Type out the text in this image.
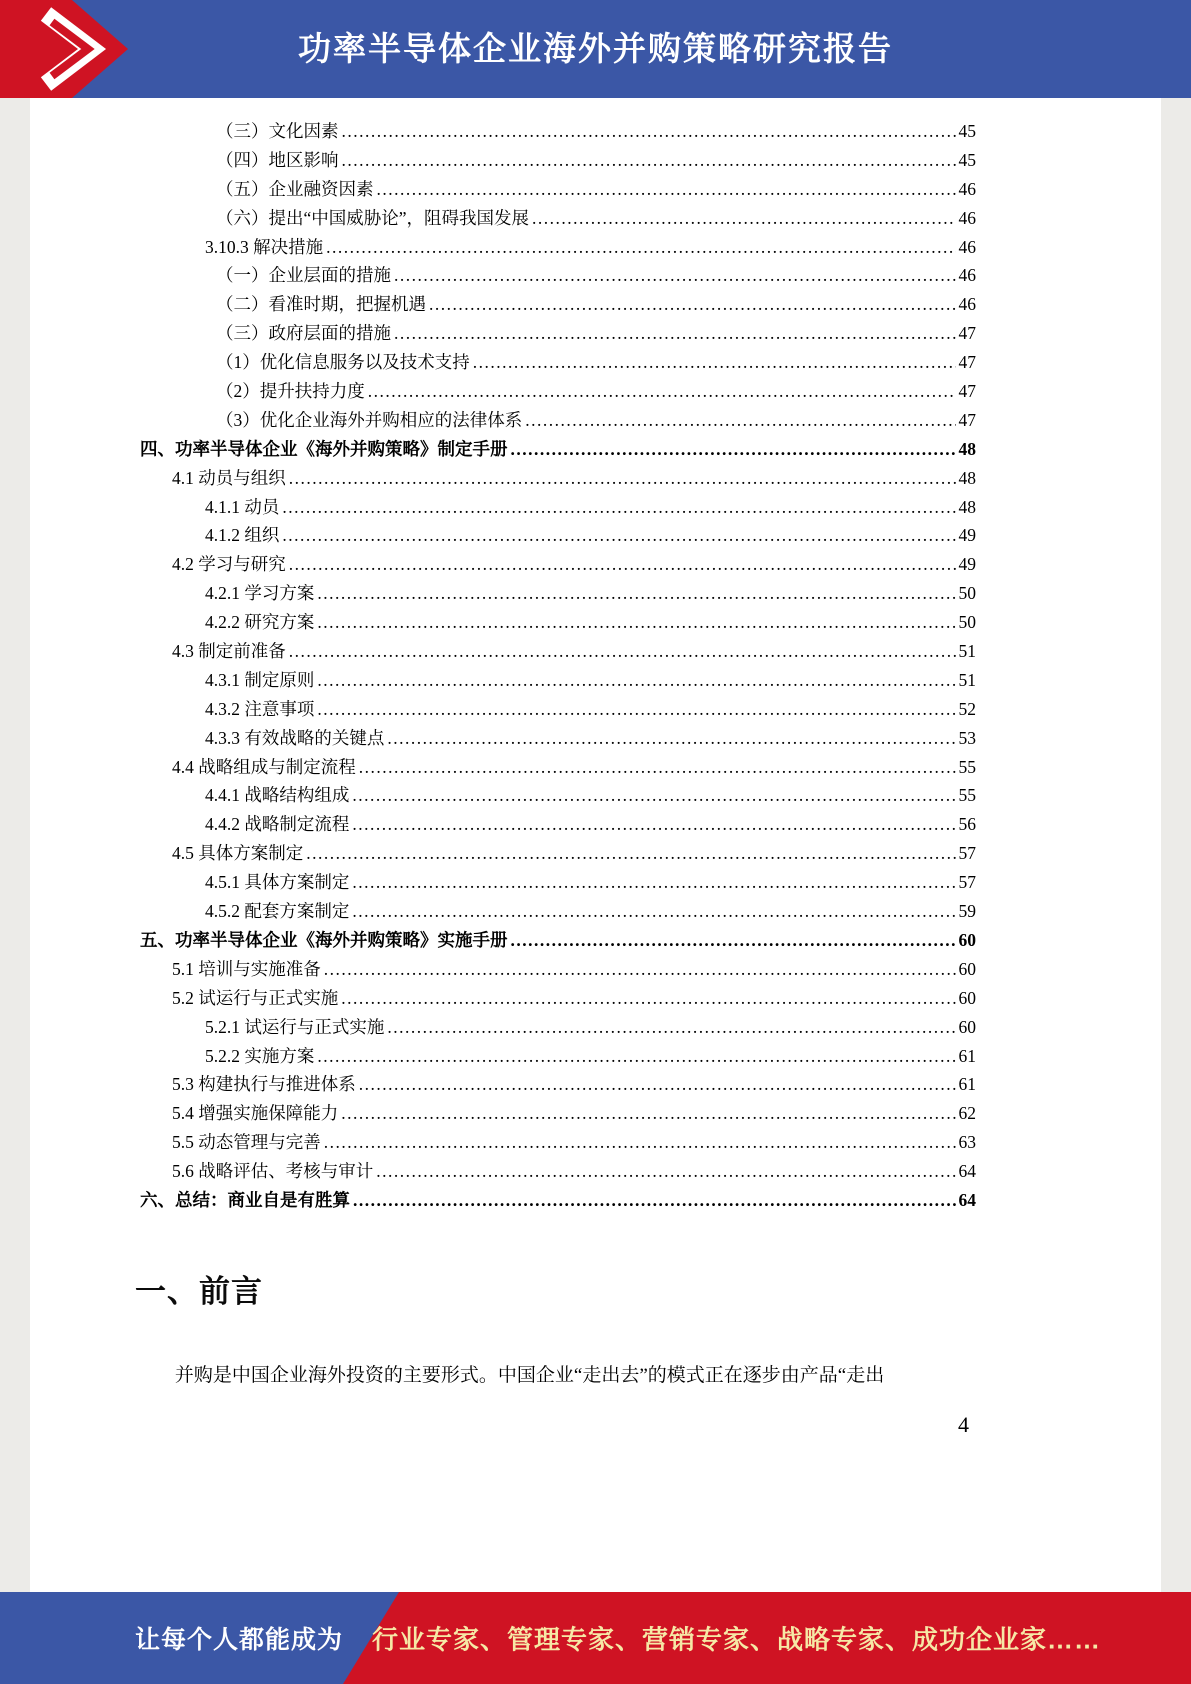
功率半导体企业海外并购策略研究报告
（三）文化因素 .....	45
（四）地区影响 .....	45
（五）企业融资因素 .....	46
（六）提出“中国威胁论”，阻碍我国发展 .....	46
3.10.3 解决措施 .....	46
（一）企业层面的措施 .....	46
（二）看准时期，把握机遇 .....	46
（三）政府层面的措施 .....	47
（1）优化信息服务以及技术支持 .....	47
（2）提升扶持力度 .....	47
（3）优化企业海外并购相应的法律体系 .....	47
四、功率半导体企业《海外并购策略》制定手册 .....	48
4.1 动员与组织 .....	48
4.1.1 动员 .....	48
4.1.2 组织 .....	49
4.2 学习与研究 .....	49
4.2.1 学习方案 .....	50
4.2.2 研究方案 .....	50
4.3 制定前准备 .....	51
4.3.1 制定原则 .....	51
4.3.2 注意事项 .....	52
4.3.3 有效战略的关键点 .....	53
4.4 战略组成与制定流程 .....	55
4.4.1 战略结构组成 .....	55
4.4.2 战略制定流程 .....	56
4.5 具体方案制定 .....	57
4.5.1 具体方案制定 .....	57
4.5.2 配套方案制定 .....	59
五、功率半导体企业《海外并购策略》实施手册 .....	60
5.1 培训与实施准备 .....	60
5.2 试运行与正式实施 .....	60
5.2.1 试运行与正式实施 .....	60
5.2.2 实施方案 .....	61
5.3 构建执行与推进体系 .....	61
5.4 增强实施保障能力 .....	62
5.5 动态管理与完善 .....	63
5.6 战略评估、考核与审计 .....	64
六、总结：商业自是有胜算 .....	64
一、前言

并购是中国企业海外投资的主要形式。中国企业“走出去”的模式正在逐步由产品“走出

4
让每个人都能成为 行业专家、管理专家、营销专家、战略专家、成功企业家……
